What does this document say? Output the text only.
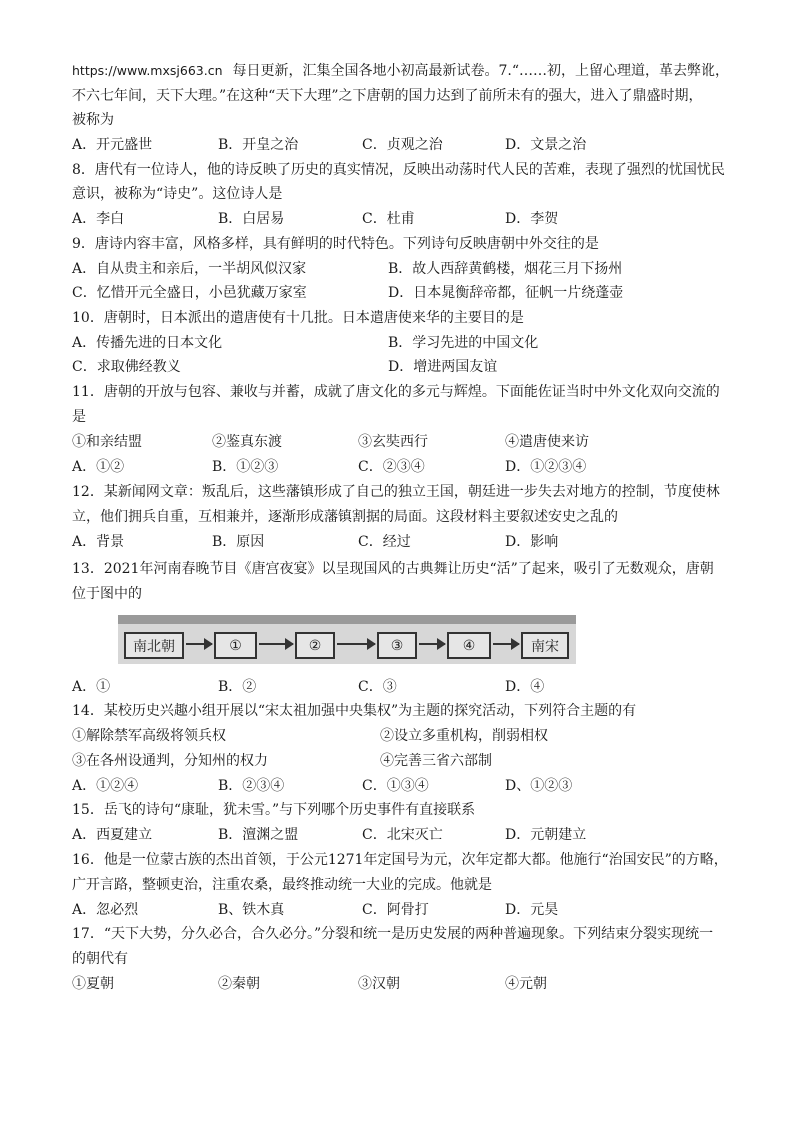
https://www.mxsj663.cn 每日更新，汇集全国各地小初高最新试卷。7.“……初，上留心理道，革去弊讹，
不六七年间，天下大理。”在这种“天下大理”之下唐朝的国力达到了前所未有的强大，进入了鼎盛时期，
被称为
A．开元盛世	B．开皇之治	C．贞观之治	D．文景之治
8．唐代有一位诗人，他的诗反映了历史的真实情况，反映出动荡时代人民的苦难，表现了强烈的忧国忧民
意识，被称为“诗史”。这位诗人是
A．李白	B．白居易	C．杜甫	D．李贺
9．唐诗内容丰富，风格多样，具有鲜明的时代特色。下列诗句反映唐朝中外交往的是
A．自从贵主和亲后，一半胡风似汉家	B．故人西辞黄鹤楼，烟花三月下扬州
C．忆惜开元全盛日，小邑犹藏万家室	D．日本晁衡辞帝都，征帆一片绕蓬壶
10．唐朝时，日本派出的遣唐使有十几批。日本遣唐使来华的主要目的是
A．传播先进的日本文化	B．学习先进的中国文化
C．求取佛经教义	D．增进两国友谊
11．唐朝的开放与包容、兼收与并蓄，成就了唐文化的多元与辉煌。下面能佐证当时中外文化双向交流的
是
①和亲结盟	②鉴真东渡	③玄奘西行	④遣唐使来访
A．①②	B．①②③	C．②③④	D．①②③④
12．某新闻网文章：叛乱后，这些藩镇形成了自己的独立王国，朝廷进一步失去对地方的控制，节度使林
立，他们拥兵自重，互相兼并，逐渐形成藩镇割据的局面。这段材料主要叙述安史之乱的
A．背景	B．原因	C．经过	D．影响
13．2021年河南春晚节目《唐宫夜宴》以呈现国风的古典舞让历史“活”了起来，吸引了无数观众，唐朝
位于图中的
南北朝	①	②	③	④	南宋
A．①	B．②	C．③	D．④
14．某校历史兴趣小组开展以“宋太祖加强中央集权”为主题的探究活动，下列符合主题的有
①解除禁军高级将领兵权	②设立多重机构，削弱相权
③在各州设通判，分知州的权力	④完善三省六部制
A．①②④	B．②③④	C．①③④	D、①②③
15．岳飞的诗句“康耻，犹未雪。”与下列哪个历史事件有直接联系
A．西夏建立	B．澶渊之盟	C．北宋灭亡	D．元朝建立
16．他是一位蒙古族的杰出首领，于公元1271年定国号为元，次年定都大都。他施行“治国安民”的方略，
广开言路，整顿吏治，注重农桑，最终推动统一大业的完成。他就是
A．忽必烈	B、铁木真	C．阿骨打	D．元昊
17．“天下大势，分久必合，合久必分。”分裂和统一是历史发展的两种普遍现象。下列结束分裂实现统一
的朝代有
①夏朝	②秦朝	③汉朝	④元朝
